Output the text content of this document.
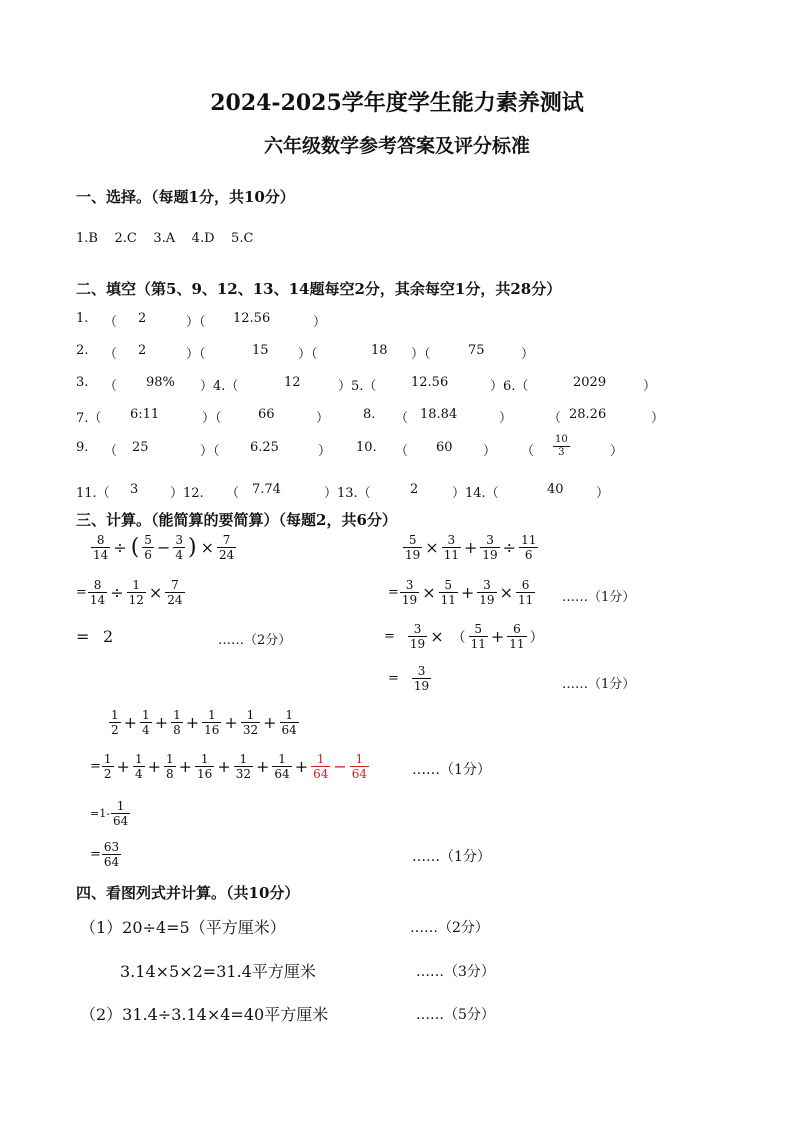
2024-2025学年度学生能力素养测试
六年级数学参考答案及评分标准
一、选择。（每题1分，共10分）
1.B    2.C    3.A    4.D    5.C
二、填空（第5、9、12、13、14题每空2分，其余每空1分，共28分）
1. （ 2	）（ 12.56	）
2. （ 2	）（	15 ）（	18 ）（	75	）
3. （ 98% ）4.（	12	）5.（	12.56	）6.（	2029	）
7.（ 6:11	）（	66	）	8. （ 18.84	）	（ 28.26	）
9. （ 25	）（ 6.25	） 10. （ 60 ） （ $\frac{10}{3}$	）
11.（ 3 ）12. （ 7.74	）13.（	2	）14.（	40 ）
三、计算。（能简算的要简算）（每题2，共6分）
$\frac{8}{14}$ ÷ ( $\frac{5}{6} - \frac{3}{4}$ ) × $\frac{7}{24}$
= $\frac{8}{14} \div \frac{1}{12} \times \frac{7}{24}$
= 2	……（2分）
$\frac{5}{19} \times \frac{3}{11} + \frac{3}{19} \div \frac{11}{6}$
= $\frac{3}{19} \times \frac{5}{11} + \frac{3}{19} \times \frac{6}{11}$ ……（1分）
= $\frac{3}{19}$ × （ $\frac{5}{11} + \frac{6}{11}$ ）
= $\frac{3}{19}$	……（1分）
$\frac{1}{2} + \frac{1}{4} + \frac{1}{8} + \frac{1}{16} + \frac{1}{32} + \frac{1}{64}$
= $\frac{1}{2} + \frac{1}{4} + \frac{1}{8} + \frac{1}{16} + \frac{1}{32} + \frac{1}{64} + \frac{1}{64} - \frac{1}{64}$	……（1分）
$=1- \frac{1}{64}$
= $\frac{63}{64}$	……（1分）
四、看图列式并计算。（共10分）
（1）20÷4=5（平方厘米）	……（2分）
3.14×5×2=31.4平方厘米	……（3分）
（2）31.4÷3.14×4=40平方厘米	……（5分）
